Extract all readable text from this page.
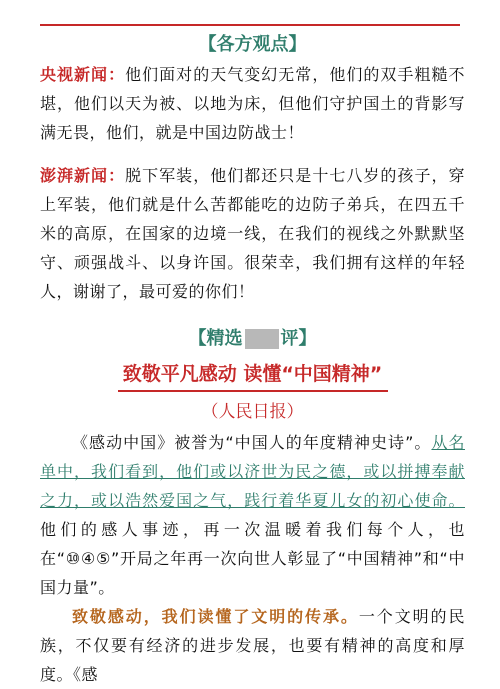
【各方观点】

央视新闻：他们面对的天气变幻无常，他们的双手粗糙不堪，他们以天为被、以地为床，但他们守护国土的背影写满无畏，他们，就是中国边防战士！

澎湃新闻：脱下军装，他们都还只是十七八岁的孩子，穿上军装，他们就是什么苦都能吃的边防子弟兵，在四五千米的高原，在国家的边境一线，在我们的视线之外默默坚守、顽强战斗、以身许国。很荣幸，我们拥有这样的年轻人，谢谢了，最可爱的你们！

【精选 评】
致敬平凡感动 读懂“中国精神”
（人民日报）

《感动中国》被誉为“中国人的年度精神史诗”。从名单中，我们看到，他们或以济世为民之德，或以拼搏奉献之力，或以浩然爱国之气，践行着华夏儿女的初心使命。他们的感人事迹，再一次温暖着我们每个人，也在“⑩④⑤”开局之年再一次向世人彰显了“中国精神”和“中国力量”。

致敬感动，我们读懂了文明的传承。一个文明的民族，不仅要有经济的进步发展，也要有精神的高度和厚度。《感
